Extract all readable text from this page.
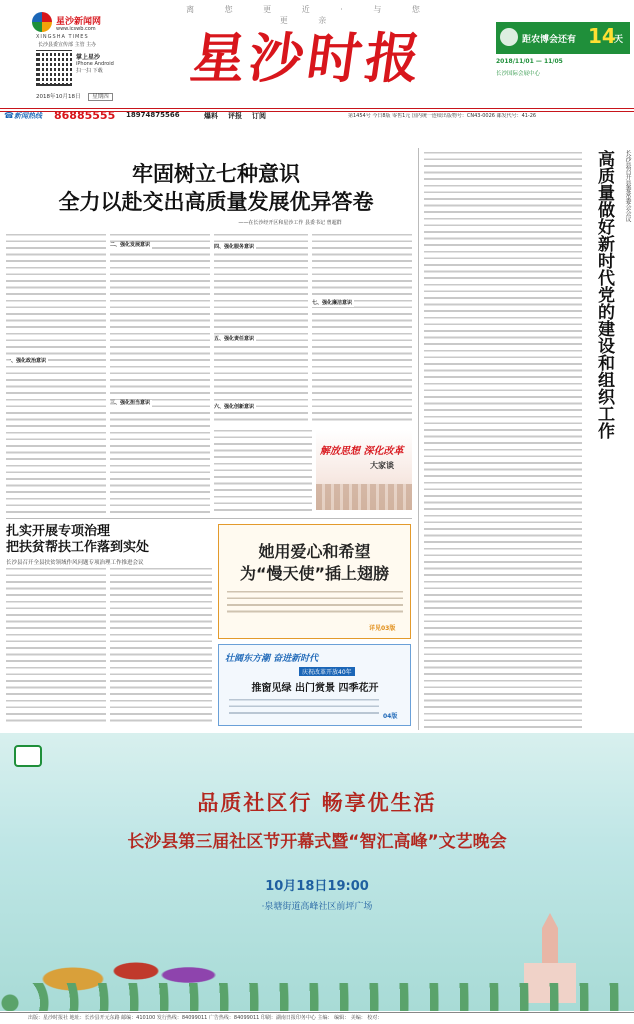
离 您 更 近 · 与 您 更 亲
星沙新闻网
www.icswb.com
XINGSHA TIMES
长沙县委宣传部 主管 主办
掌上星沙
iPhone Android
扫一扫 下载
2018年10月18日 星期四
星沙时报	距农博会还有 14
天
2018/11/01 — 11/05
长沙国际会展中心
☎ 新闻热线 86885555 18974875566	爆料 评报 订阅	第1454号 今日8版 零售1元 国内统一连续出版物号：CN43-0026 邮发代号：41-26
牢固树立七种意识
全力以赴交出高质量发展优异答卷
——在长沙经开区和星沙工作 县委书记 曾超群
一、强化政治意识
二、强化发展意识
三、强化担当意识
四、强化服务意识
五、强化责任意识
六、强化创新意识
七、强化廉洁意识
解放思想 深化改革
大家谈
长沙县召开县委常委会会议
高质量做好新时代党的建设和组织工作
扎实开展专项治理
把扶贫帮扶工作落到实处
长沙县召开全县扶贫领域作风问题专项治理工作推进会议
她用爱心和希望
为“慢天使”插上翅膀
详见03版
壮阔东方潮 奋进新时代
庆祝改革开放40年
推窗见绿 出门赏景 四季花开
04版
品质社区行 畅享优生活
长沙县第三届社区节开幕式暨“智汇高峰”文艺晚会
10月18日19:00
·泉塘街道高峰社区前坪广场
出版：星沙时报社 地址：长沙县开元东路 邮编：410100 发行热线：84099011 广告热线：84099011 印刷：湖南日报印务中心 主编： 编辑： 美编： 校对：
